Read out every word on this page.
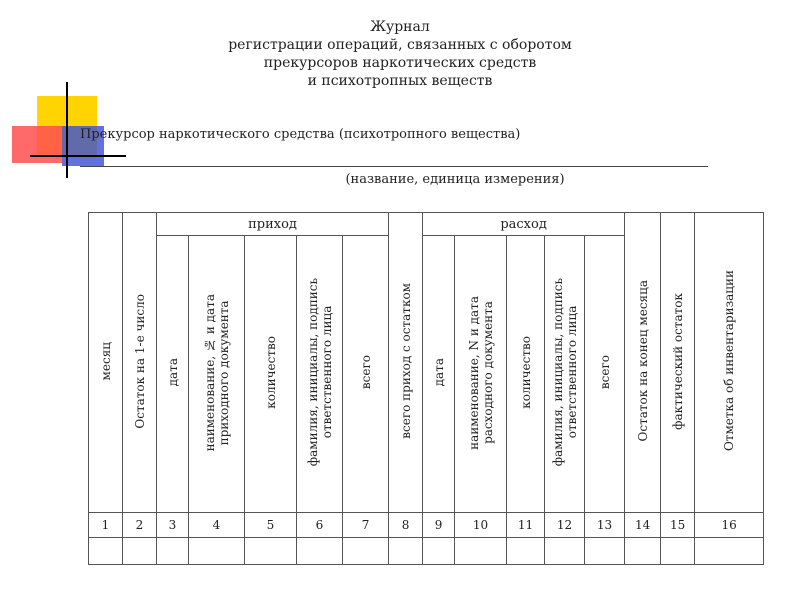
Журнал
регистрации операций, связанных с оборотом
прекурсоров наркотических средств
и психотропных веществ
Прекурсор наркотического средства (психотропного вещества)
(название, единица измерения)
месяц	Остаток на 1-е число	приход					всего приход с остатком	расход					Остаток на конец месяца	фактический остаток	Отметка об инвентаризации
		дата	наименование, № и дата
приходного документа	количество	фамилия, инициалы, подпись
ответственного лица	всего		дата	наименование, N и дата
расходного документа	количество	фамилия, инициалы, подпись
ответственного лица	всего			
1	2	3	4	5	6	7	8	9	10	11	12	13	14	15	16
